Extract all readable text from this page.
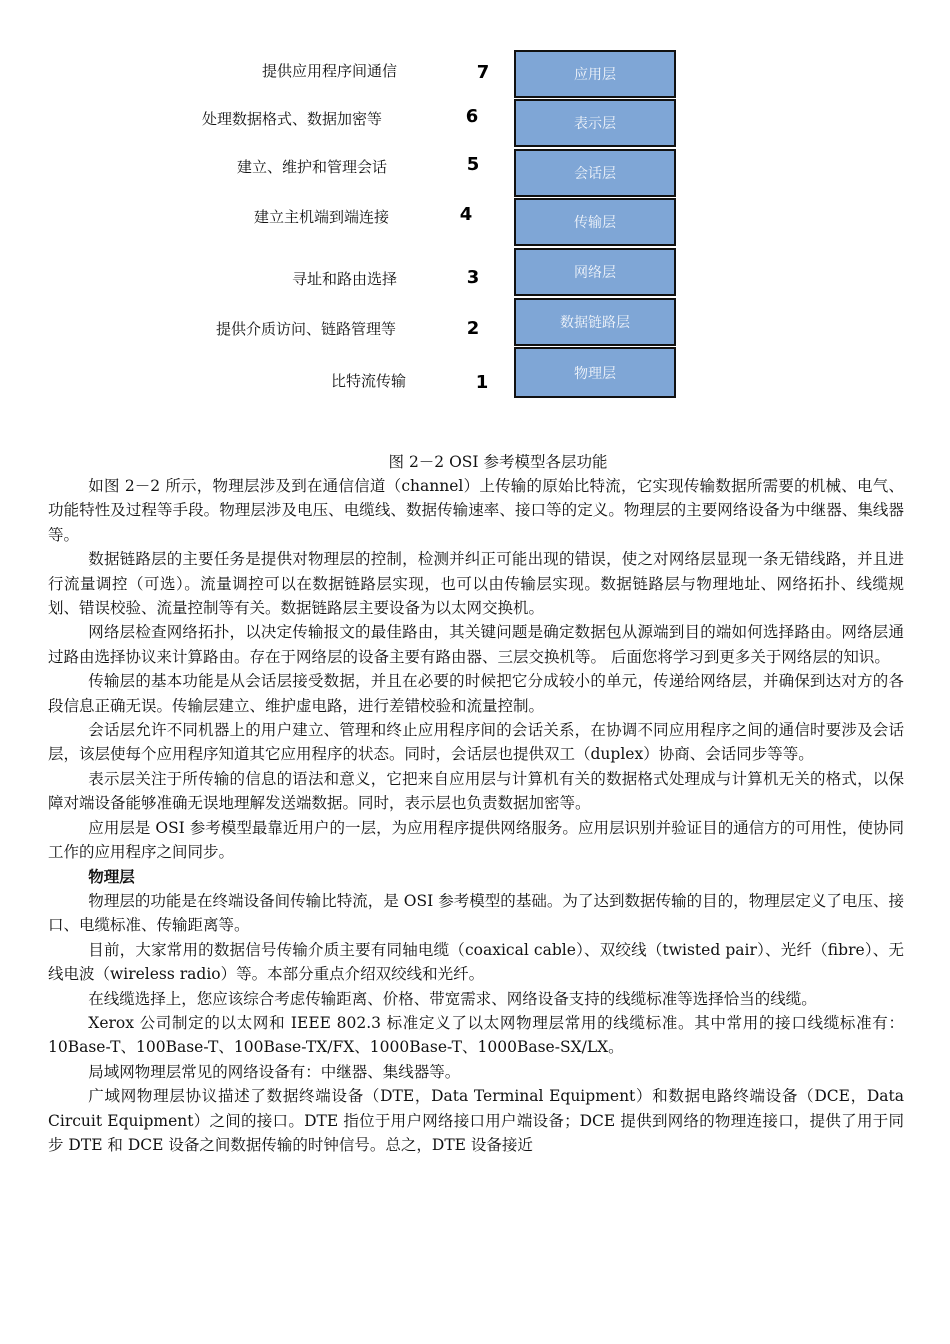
提供应用程序间通信	7	应用层
处理数据格式、数据加密等	6	表示层
建立、维护和管理会话	5	会话层
建立主机端到端连接	4	传输层
寻址和路由选择	3	网络层
提供介质访问、链路管理等	2	数据链路层
比特流传输	1	物理层
图 2－2 OSI 参考模型各层功能

如图 2－2 所示，物理层涉及到在通信信道（channel）上传输的原始比特流，它实现传输数据所需要的机械、电气、功能特性及过程等手段。物理层涉及电压、电缆线、数据传输速率、接口等的定义。物理层的主要网络设备为中继器、集线器等。

数据链路层的主要任务是提供对物理层的控制，检测并纠正可能出现的错误，使之对网络层显现一条无错线路，并且进行流量调控（可选）。流量调控可以在数据链路层实现，也可以由传输层实现。数据链路层与物理地址、网络拓扑、线缆规划、错误校验、流量控制等有关。数据链路层主要设备为以太网交换机。

网络层检查网络拓扑，以决定传输报文的最佳路由，其关键问题是确定数据包从源端到目的端如何选择路由。网络层通过路由选择协议来计算路由。存在于网络层的设备主要有路由器、三层交换机等。 后面您将学习到更多关于网络层的知识。

传输层的基本功能是从会话层接受数据，并且在必要的时候把它分成较小的单元，传递给网络层，并确保到达对方的各段信息正确无误。传输层建立、维护虚电路，进行差错校验和流量控制。

会话层允许不同机器上的用户建立、管理和终止应用程序间的会话关系，在协调不同应用程序之间的通信时要涉及会话层，该层使每个应用程序知道其它应用程序的状态。同时，会话层也提供双工（duplex）协商、会话同步等等。

表示层关注于所传输的信息的语法和意义，它把来自应用层与计算机有关的数据格式处理成与计算机无关的格式，以保障对端设备能够准确无误地理解发送端数据。同时，表示层也负责数据加密等。

应用层是 OSI 参考模型最靠近用户的一层，为应用程序提供网络服务。应用层识别并验证目的通信方的可用性，使协同工作的应用程序之间同步。

物理层

物理层的功能是在终端设备间传输比特流，是 OSI 参考模型的基础。为了达到数据传输的目的，物理层定义了电压、接口、电缆标准、传输距离等。

目前，大家常用的数据信号传输介质主要有同轴电缆（coaxical cable）、双绞线（twisted pair）、光纤（fibre）、无线电波（wireless radio）等。本部分重点介绍双绞线和光纤。

在线缆选择上，您应该综合考虑传输距离、价格、带宽需求、网络设备支持的线缆标准等选择恰当的线缆。

Xerox 公司制定的以太网和 IEEE 802.3 标准定义了以太网物理层常用的线缆标准。其中常用的接口线缆标准有：10Base-T、100Base-T、100Base-TX/FX、1000Base-T、1000Base-SX/LX。

局域网物理层常见的网络设备有：中继器、集线器等。

广域网物理层协议描述了数据终端设备（DTE，Data Terminal Equipment）和数据电路终端设备（DCE，Data Circuit Equipment）之间的接口。DTE 指位于用户网络接口用户端设备；DCE 提供到网络的物理连接口，提供了用于同步 DTE 和 DCE 设备之间数据传输的时钟信号。总之，DTE 设备接近
